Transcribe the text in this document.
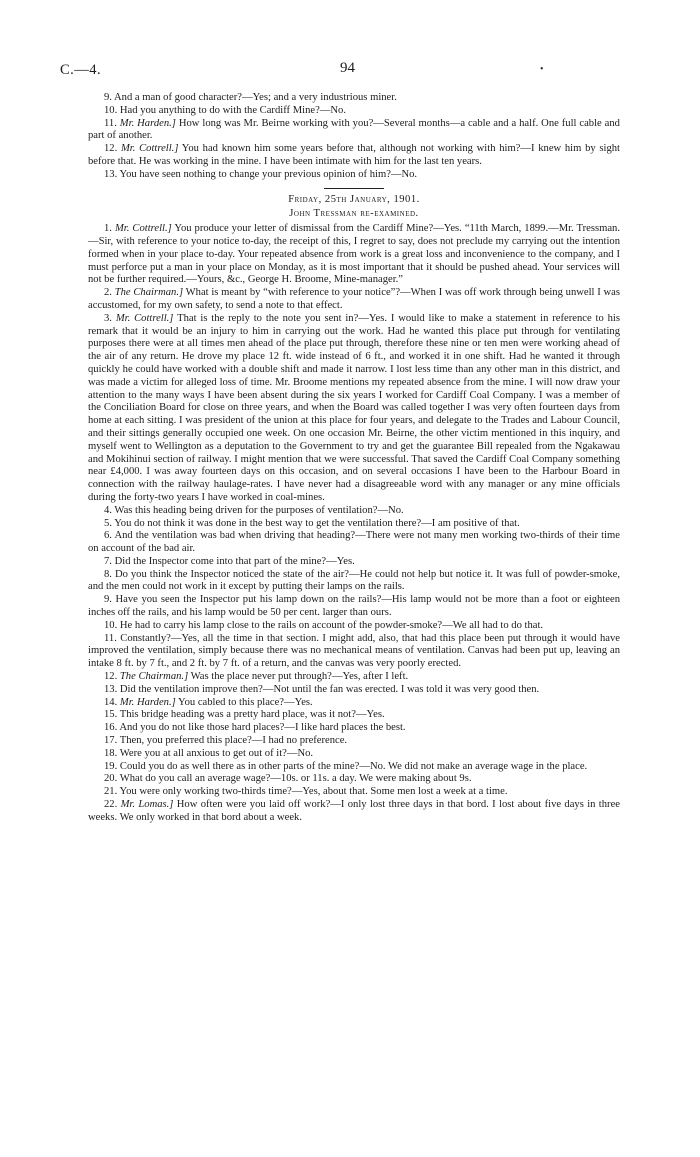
C.—4.	94	•

9. And a man of good character?—Yes; and a very industrious miner.

10. Had you anything to do with the Cardiff Mine?—No.

11. Mr. Harden.] How long was Mr. Beirne working with you?—Several months—a cable and a half. One full cable and part of another.

12. Mr. Cottrell.] You had known him some years before that, although not working with him?—I knew him by sight before that. He was working in the mine. I have been intimate with him for the last ten years.

13. You have seen nothing to change your previous opinion of him?—No.

Friday, 25th January, 1901.

John Tressman re-examined.

1. Mr. Cottrell.] You produce your letter of dismissal from the Cardiff Mine?—Yes. “11th March, 1899.—Mr. Tressman.—Sir, with reference to your notice to-day, the receipt of this, I regret to say, does not preclude my carrying out the intention formed when in your place to-day. Your repeated absence from work is a great loss and inconvenience to the company, and I must perforce put a man in your place on Monday, as it is most important that it should be pushed ahead. Your services will not be further required.—Yours, &c., George H. Broome, Mine-manager.”

2. The Chairman.] What is meant by “with reference to your notice”?—When I was off work through being unwell I was accustomed, for my own safety, to send a note to that effect.

3. Mr. Cottrell.] That is the reply to the note you sent in?—Yes. I would like to make a statement in reference to his remark that it would be an injury to him in carrying out the work. Had he wanted this place put through for ventilating purposes there were at all times men ahead of the place put through, therefore these nine or ten men were working ahead of the air of any return. He drove my place 12 ft. wide instead of 6 ft., and worked it in one shift. Had he wanted it through quickly he could have worked with a double shift and made it narrow. I lost less time than any other man in this district, and was made a victim for alleged loss of time. Mr. Broome mentions my repeated absence from the mine. I will now draw your attention to the many ways I have been absent during the six years I worked for Cardiff Coal Company. I was a member of the Conciliation Board for close on three years, and when the Board was called together I was very often fourteen days from home at each sitting. I was president of the union at this place for four years, and delegate to the Trades and Labour Council, and their sittings generally occupied one week. On one occasion Mr. Beirne, the other victim mentioned in this inquiry, and myself went to Wellington as a deputation to the Government to try and get the guarantee Bill repealed from the Ngakawau and Mokihinui section of railway. I might mention that we were successful. That saved the Cardiff Coal Company something near £4,000. I was away fourteen days on this occasion, and on several occasions I have been to the Harbour Board in connection with the railway haulage-rates. I have never had a disagreeable word with any manager or any mine officials during the forty-two years I have worked in coal-mines.

4. Was this heading being driven for the purposes of ventilation?—No.

5. You do not think it was done in the best way to get the ventilation there?—I am positive of that.

6. And the ventilation was bad when driving that heading?—There were not many men working two-thirds of their time on account of the bad air.

7. Did the Inspector come into that part of the mine?—Yes.

8. Do you think the Inspector noticed the state of the air?—He could not help but notice it. It was full of powder-smoke, and the men could not work in it except by putting their lamps on the rails.

9. Have you seen the Inspector put his lamp down on the rails?—His lamp would not be more than a foot or eighteen inches off the rails, and his lamp would be 50 per cent. larger than ours.

10. He had to carry his lamp close to the rails on account of the powder-smoke?—We all had to do that.

11. Constantly?—Yes, all the time in that section. I might add, also, that had this place been put through it would have improved the ventilation, simply because there was no mechanical means of ventilation. Canvas had been put up, leaving an intake 8 ft. by 7 ft., and 2 ft. by 7 ft. of a return, and the canvas was very poorly erected.

12. The Chairman.] Was the place never put through?—Yes, after I left.

13. Did the ventilation improve then?—Not until the fan was erected. I was told it was very good then.

14. Mr. Harden.] You cabled to this place?—Yes.

15. This bridge heading was a pretty hard place, was it not?—Yes.

16. And you do not like those hard places?—I like hard places the best.

17. Then, you preferred this place?—I had no preference.

18. Were you at all anxious to get out of it?—No.

19. Could you do as well there as in other parts of the mine?—No. We did not make an average wage in the place.

20. What do you call an average wage?—10s. or 11s. a day. We were making about 9s.

21. You were only working two-thirds time?—Yes, about that. Some men lost a week at a time.

22. Mr. Lomas.] How often were you laid off work?—I only lost three days in that bord. I lost about five days in three weeks. We only worked in that bord about a week.
